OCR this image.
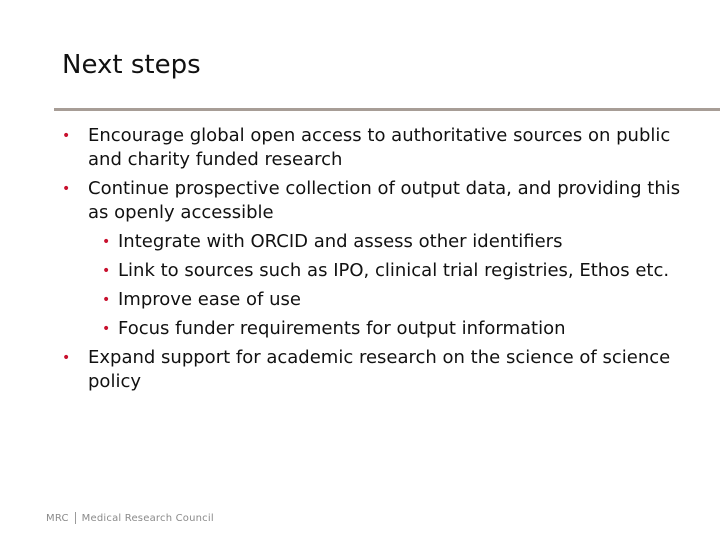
Next steps
• Encourage global open access to authoritative sources on public and charity funded research
• Continue prospective collection of output data, and providing this as openly accessible
• Integrate with ORCID and assess other identifiers
• Link to sources such as IPO, clinical trial registries, Ethos etc.
• Improve ease of use
• Focus funder requirements for output information
• Expand support for academic research on the science of science policy
MRC Medical Research Council
